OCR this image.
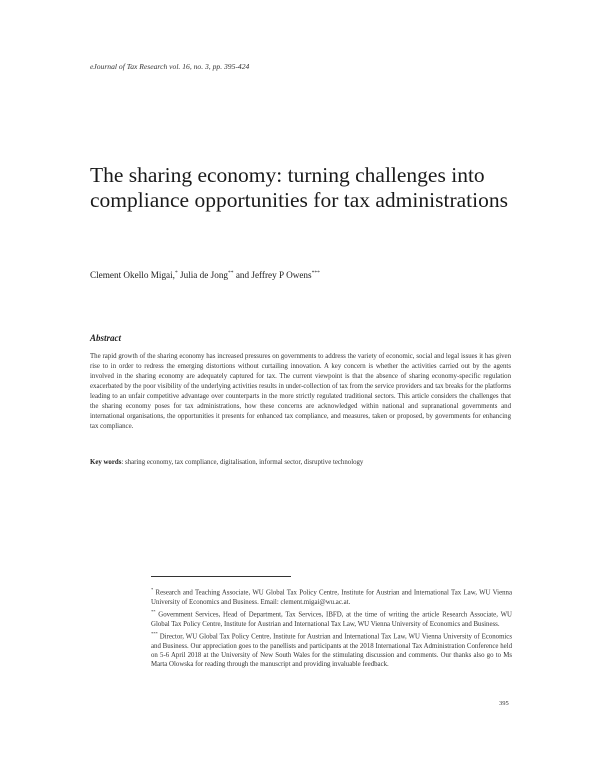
eJournal of Tax Research vol. 16, no. 3, pp. 395-424
The sharing economy: turning challenges into compliance opportunities for tax administrations
Clement Okello Migai,* Julia de Jong** and Jeffrey P Owens***
Abstract

The rapid growth of the sharing economy has increased pressures on governments to address the variety of economic, social and legal issues it has given rise to in order to redress the emerging distortions without curtailing innovation. A key concern is whether the activities carried out by the agents involved in the sharing economy are adequately captured for tax. The current viewpoint is that the absence of sharing economy-specific regulation exacerbated by the poor visibility of the underlying activities results in under-collection of tax from the service providers and tax breaks for the platforms leading to an unfair competitive advantage over counterparts in the more strictly regulated traditional sectors. This article considers the challenges that the sharing economy poses for tax administrations, how these concerns are acknowledged within national and supranational governments and international organisations, the opportunities it presents for enhanced tax compliance, and measures, taken or proposed, by governments for enhancing tax compliance.

Key words: sharing economy, tax compliance, digitalisation, informal sector, disruptive technology

* Research and Teaching Associate, WU Global Tax Policy Centre, Institute for Austrian and International Tax Law, WU Vienna University of Economics and Business. Email: clement.migai@wu.ac.at.

** Government Services, Head of Department, Tax Services, IBFD, at the time of writing the article Research Associate, WU Global Tax Policy Centre, Institute for Austrian and International Tax Law, WU Vienna University of Economics and Business.

*** Director, WU Global Tax Policy Centre, Institute for Austrian and International Tax Law, WU Vienna University of Economics and Business. Our appreciation goes to the panellists and participants at the 2018 International Tax Administration Conference held on 5-6 April 2018 at the University of New South Wales for the stimulating discussion and comments. Our thanks also go to Ms Marta Olowska for reading through the manuscript and providing invaluable feedback.

395
